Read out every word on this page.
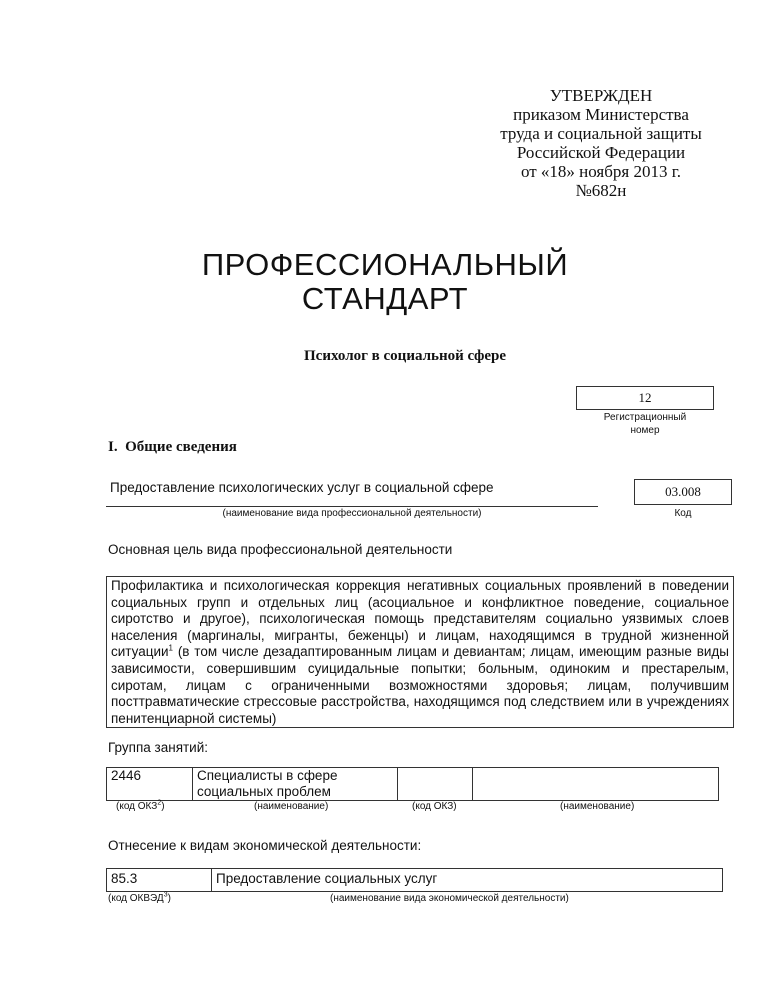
УТВЕРЖДЕН
приказом Министерства
труда и социальной защиты
Российской Федерации
от «18» ноября 2013 г.
№682н
ПРОФЕССИОНАЛЬНЫЙ
СТАНДАРТ
Психолог в социальной сфере
12
Регистрационный
номер
I. Общие сведения
Предоставление психологических услуг в социальной сфере
(наименование вида профессиональной деятельности)
03.008
Код
Основная цель вида профессиональной деятельности
Профилактика и психологическая коррекция негативных социальных проявлений в поведении социальных групп и отдельных лиц (асоциальное и конфликтное поведение, социальное сиротство и другое), психологическая помощь представителям социально уязвимых слоев населения (маргиналы, мигранты, беженцы) и лицам, находящимся в трудной жизненной ситуации$^1$ (в том числе дезадаптированным лицам и девиантам; лицам, имеющим разные виды зависимости, совершившим суицидальные попытки; больным, одиноким и престарелым, сиротам, лицам с ограниченными возможностями здоровья; лицам, получившим посттравматические стрессовые расстройства, находящимся под следствием или в учреждениях пенитенциарной системы)
Группа занятий:
2446	Специалисты в сфере социальных проблем		
(код ОКЗ$^2$)	(наименование)	(код ОКЗ)	(наименование)
Отнесение к видам экономической деятельности:
85.3	Предоставление социальных услуг
(код ОКВЭД$^3$)	(наименование вида экономической деятельности)
